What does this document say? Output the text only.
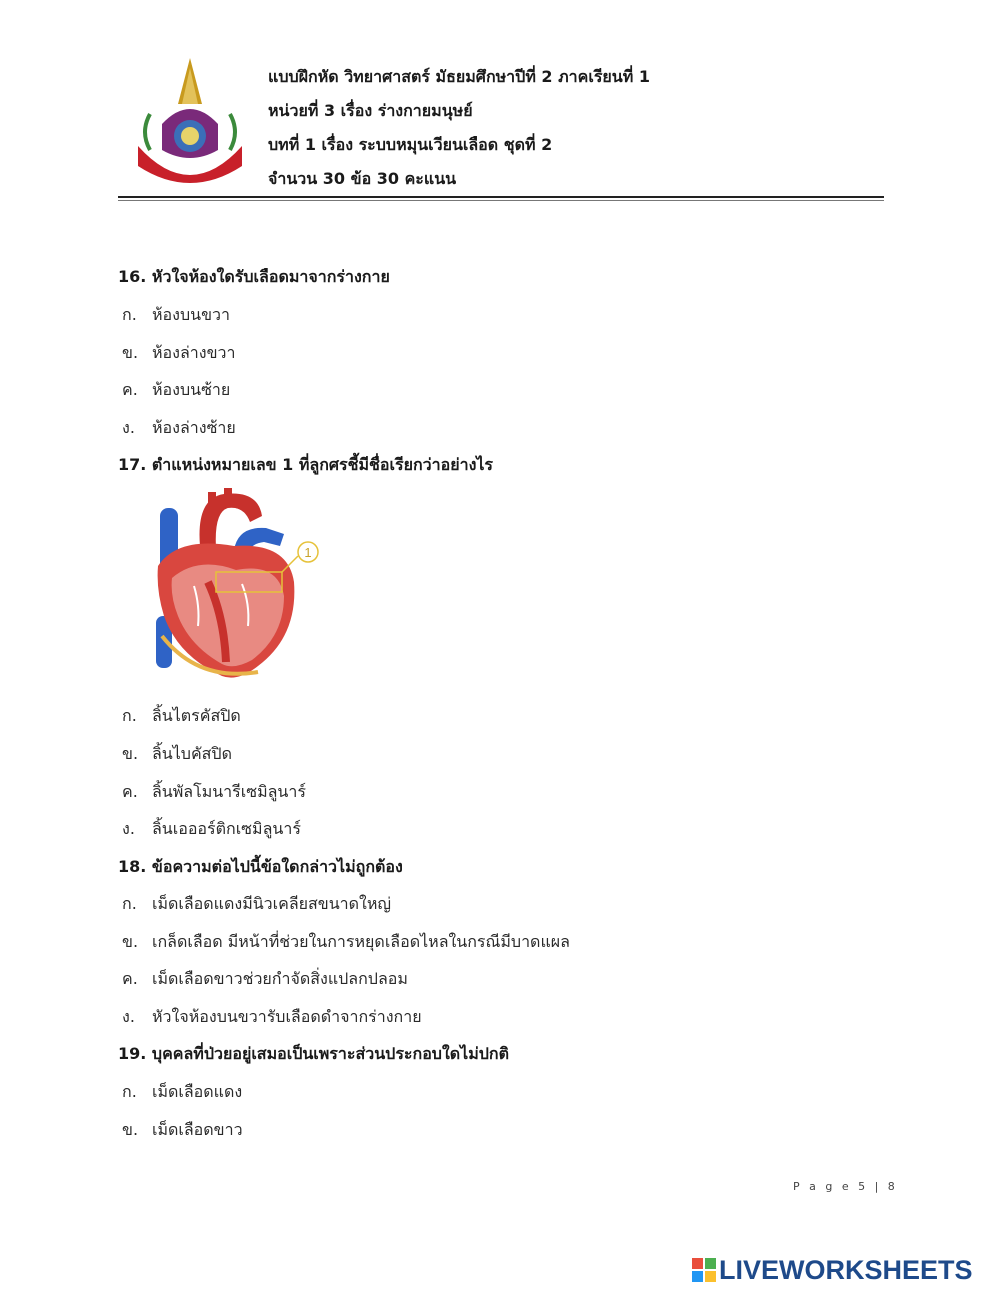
แบบฝึกหัด วิทยาศาสตร์ มัธยมศึกษาปีที่ 2 ภาคเรียนที่ 1
หน่วยที่ 3 เรื่อง ร่างกายมนุษย์
บทที่ 1 เรื่อง ระบบหมุนเวียนเลือด ชุดที่ 2
จำนวน 30 ข้อ 30 คะแนน
16. หัวใจห้องใดรับเลือดมาจากร่างกาย
ก. ห้องบนขวา
ข. ห้องล่างขวา
ค. ห้องบนซ้าย
ง. ห้องล่างซ้าย
17. ตำแหน่งหมายเลข 1 ที่ลูกศรชี้มีชื่อเรียกว่าอย่างไร
1
ก. ลิ้นไตรคัสปิด
ข. ลิ้นไบคัสปิด
ค. ลิ้นพัลโมนารีเซมิลูนาร์
ง. ลิ้นเอออร์ติกเซมิลูนาร์
18. ข้อความต่อไปนี้ข้อใดกล่าวไม่ถูกต้อง
ก. เม็ดเลือดแดงมีนิวเคลียสขนาดใหญ่
ข. เกล็ดเลือด มีหน้าที่ช่วยในการหยุดเลือดไหลในกรณีมีบาดแผล
ค. เม็ดเลือดขาวช่วยกำจัดสิ่งแปลกปลอม
ง. หัวใจห้องบนขวารับเลือดดำจากร่างกาย
19. บุคคลที่ป่วยอยู่เสมอเป็นเพราะส่วนประกอบใดไม่ปกติ
ก. เม็ดเลือดแดง
ข. เม็ดเลือดขาว
P a g e 5 | 8
LIVEWORKSHEETS
